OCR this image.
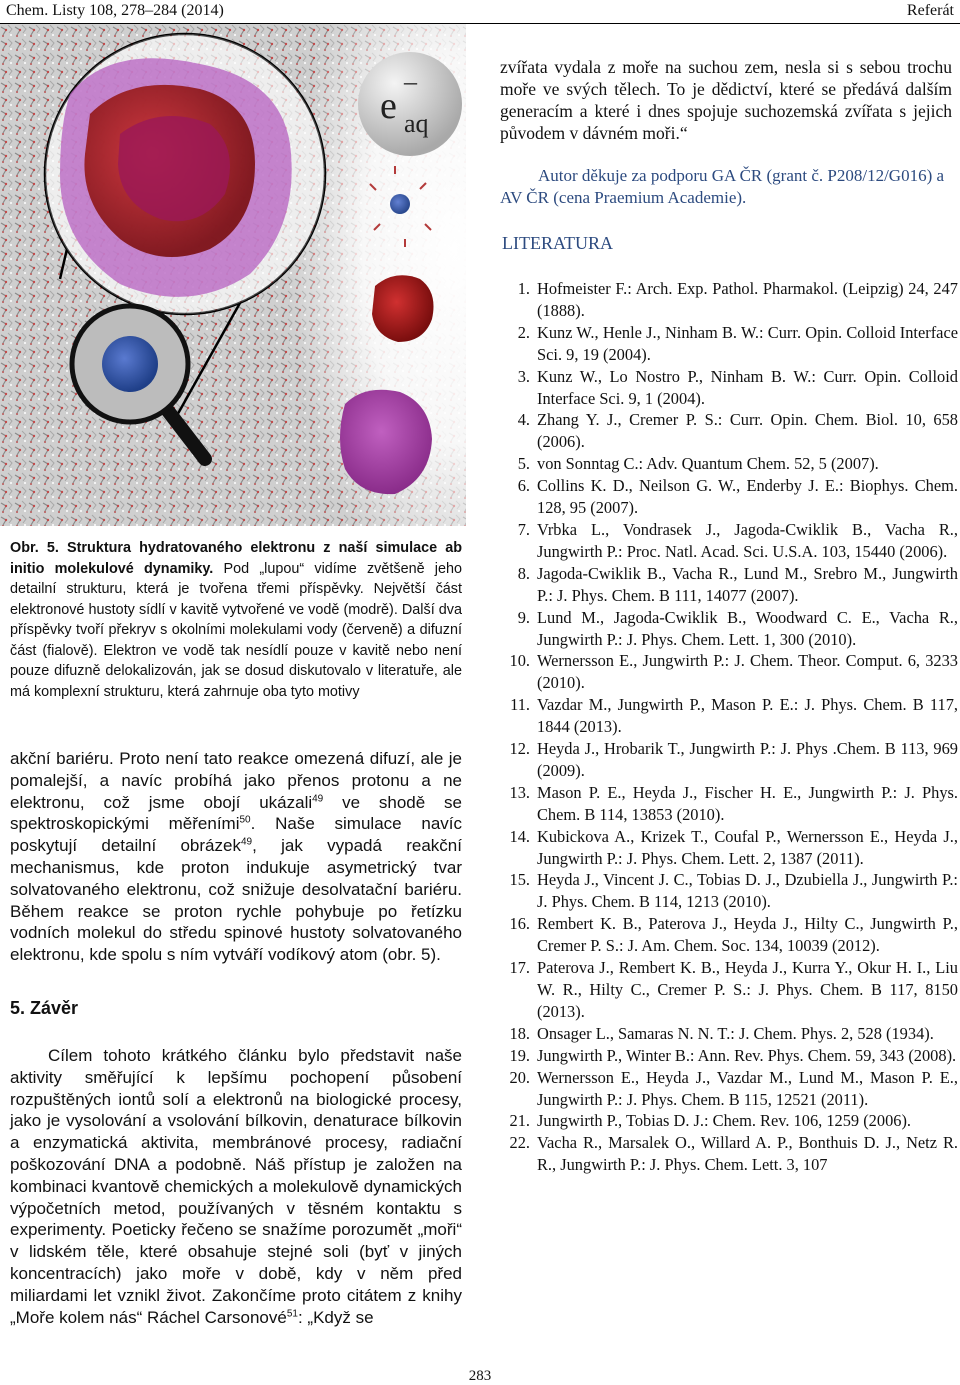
Chem. Listy 108, 278–284 (2014)	Referát
e
–
aq
Obr. 5. Struktura hydratovaného elektronu z naší simulace ab initio molekulové dynamiky. Pod „lupou“ vidíme zvětšeně jeho detailní strukturu, která je tvořena třemi příspěvky. Největší část elektronové hustoty sídlí v kavitě vytvořené ve vodě (modrě). Další dva příspěvky tvoří překryv s okolními molekulami vody (červeně) a difuzní část (fialově). Elektron ve vodě tak nesídlí pouze v kavitě nebo není pouze difuzně delokalizován, jak se dosud diskutovalo v literatuře, ale má komplexní strukturu, která zahrnuje oba tyto motivy
akční bariéru. Proto není tato reakce omezená difuzí, ale je pomalejší, a navíc probíhá jako přenos protonu a ne elektronu, což jsme obojí ukázali$^{49}$ ve shodě se spektroskopickými měřeními$^{50}$. Naše simulace navíc poskytují detailní obrázek$^{49}$, jak vypadá reakční mechanismus, kde proton indukuje asymetrický tvar solvatovaného elektronu, což snižuje desolvatační bariéru. Během reakce se proton rychle pohybuje po řetízku vodních molekul do středu spinové hustoty solvatovaného elektronu, kde spolu s ním vytváří vodíkový atom (obr. 5).
5. Závěr
Cílem tohoto krátkého článku bylo představit naše aktivity směřující k lepšímu pochopení působení rozpuštěných iontů solí a elektronů na biologické procesy, jako je vysolování a vsolování bílkovin, denaturace bílkovin a enzymatická aktivita, membránové procesy, radiační poškozování DNA a podobně. Náš přístup je založen na kombinaci kvantově chemických a molekulově dynamických výpočetních metod, používaných v těsném kontaktu s experimenty. Poeticky řečeno se snažíme porozumět „moři“ v lidském těle, které obsahuje stejné soli (byť v jiných koncentracích) jako moře v době, kdy v něm před miliardami let vznikl život. Zakončíme proto citátem z knihy „Moře kolem nás“ Ráchel Carsonové$^{51}$: „Když se
zvířata vydala z moře na suchou zem, nesla si s sebou trochu moře ve svých tělech. To je dědictví, které se předává dalším generacím a které i dnes spojuje suchozemská zvířata s jejich původem v dávném moři.“
Autor děkuje za podporu GA ČR (grant č. P208/12/G016) a AV ČR (cena Praemium Academie).
LITERATURA
1. Hofmeister F.: Arch. Exp. Pathol. Pharmakol. (Leipzig) 24, 247 (1888).
2. Kunz W., Henle J., Ninham B. W.: Curr. Opin. Colloid Interface Sci. 9, 19 (2004).
3. Kunz W., Lo Nostro P., Ninham B. W.: Curr. Opin. Colloid Interface Sci. 9, 1 (2004).
4. Zhang Y. J., Cremer P. S.: Curr. Opin. Chem. Biol. 10, 658 (2006).
5. von Sonntag C.: Adv. Quantum Chem. 52, 5 (2007).
6. Collins K. D., Neilson G. W., Enderby J. E.: Biophys. Chem. 128, 95 (2007).
7. Vrbka L., Vondrasek J., Jagoda-Cwiklik B., Vacha R., Jungwirth P.: Proc. Natl. Acad. Sci. U.S.A. 103, 15440 (2006).
8. Jagoda-Cwiklik B., Vacha R., Lund M., Srebro M., Jungwirth P.: J. Phys. Chem. B 111, 14077 (2007).
9. Lund M., Jagoda-Cwiklik B., Woodward C. E., Vacha R., Jungwirth P.: J. Phys. Chem. Lett. 1, 300 (2010).
10. Wernersson E., Jungwirth P.: J. Chem. Theor. Comput. 6, 3233 (2010).
11. Vazdar M., Jungwirth P., Mason P. E.: J. Phys. Chem. B 117, 1844 (2013).
12. Heyda J., Hrobarik T., Jungwirth P.: J. Phys .Chem. B 113, 969 (2009).
13. Mason P. E., Heyda J., Fischer H. E., Jungwirth P.: J. Phys. Chem. B 114, 13853 (2010).
14. Kubickova A., Krizek T., Coufal P., Wernersson E., Heyda J., Jungwirth P.: J. Phys. Chem. Lett. 2, 1387 (2011).
15. Heyda J., Vincent J. C., Tobias D. J., Dzubiella J., Jungwirth P.: J. Phys. Chem. B 114, 1213 (2010).
16. Rembert K. B., Paterova J., Heyda J., Hilty C., Jungwirth P., Cremer P. S.: J. Am. Chem. Soc. 134, 10039 (2012).
17. Paterova J., Rembert K. B., Heyda J., Kurra Y., Okur H. I., Liu W. R., Hilty C., Cremer P. S.: J. Phys. Chem. B 117, 8150 (2013).
18. Onsager L., Samaras N. N. T.: J. Chem. Phys. 2, 528 (1934).
19. Jungwirth P., Winter B.: Ann. Rev. Phys. Chem. 59, 343 (2008).
20. Wernersson E., Heyda J., Vazdar M., Lund M., Mason P. E., Jungwirth P.: J. Phys. Chem. B 115, 12521 (2011).
21. Jungwirth P., Tobias D. J.: Chem. Rev. 106, 1259 (2006).
22. Vacha R., Marsalek O., Willard A. P., Bonthuis D. J., Netz R. R., Jungwirth P.: J. Phys. Chem. Lett. 3, 107
283
